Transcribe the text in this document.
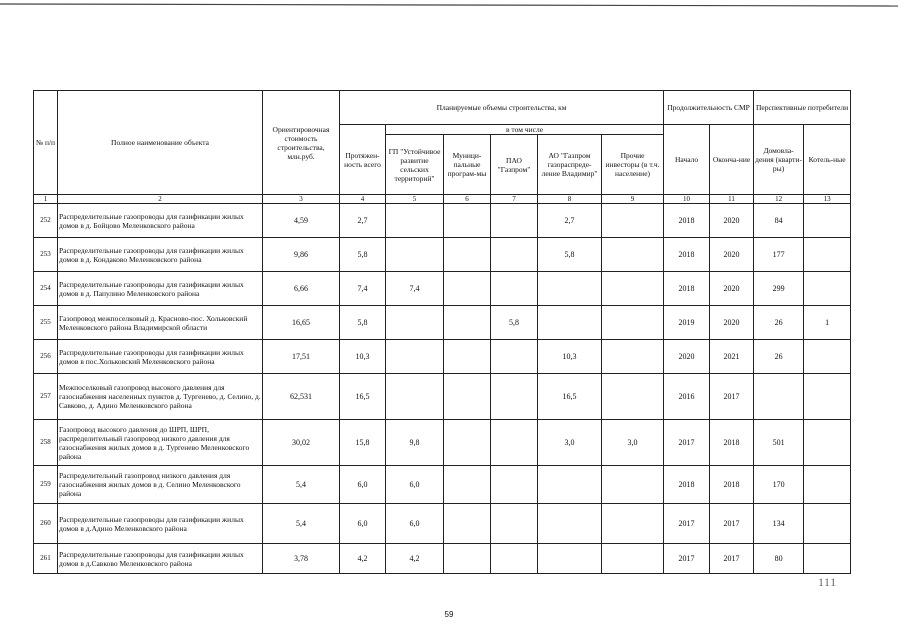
№ п/п	Полное наименование объекта	Ориентировочная стоимость строительства, млн.руб.	Планируемые объемы строительства, км						Продолжительность СМР		Перспективные потребители	
			Протяжен-ность всего	в том числе					Начало	Оконча-ние	Домовла-дения (кварти-ры)	Котель-ные
				ГП "Устойчивое развитие сельских территорий"	Муници-пальные програм-мы	ПАО "Газпром"	АО "Газпром газораспреде-ление Владимир"	Прочие инвесторы (в т.ч. население)				
1	2	3	4	5	6	7	8	9	10	11	12	13
252	Распределительные газопроводы для газификации жилых домов в д. Бойцово Меленковского района	4,59	2,7				2,7		2018	2020	84	
253	Распределительные газопроводы для газификации жилых домов в д. Кондаково Меленковского района	9,86	5,8				5,8		2018	2020	177	
254	Распределительные газопроводы для газификации жилых домов в д. Папулино Меленковского района	6,66	7,4	7,4					2018	2020	299	
255	Газопровод межпоселковый д. Красново-пос. Хольковский Меленковского района Владимирской области	16,65	5,8			5,8			2019	2020	26	1
256	Распределительные газопроводы для газификации жилых домов в пос.Хольковский Меленковского района	17,51	10,3				10,3		2020	2021	26	
257	Межпоселковый газопровод высокого давления для газоснабжения населенных пунктов д. Тургенево, д. Селино, д. Савково, д. Адино Меленковского района	62,531	16,5				16,5		2016	2017		
258	Газопровод высокого давления до ШРП, ШРП, распределительный газопровод низкого давления для газоснабжения жилых домов в д. Тургенево Меленковского района	30,02	15,8	9,8			3,0	3,0	2017	2018	501	
259	Распределительный газопровод низкого давления для газоснабжения жилых домов в д. Селино Меленковского района	5,4	6,0	6,0					2018	2018	170	
260	Распределительные газопроводы для газификации жилых домов в д.Адино Меленковского района	5,4	6,0	6,0					2017	2017	134	
261	Распределительные газопроводы для газификации жилых домов в д.Савково Меленковского района	3,78	4,2	4,2					2017	2017	80	
111
59
